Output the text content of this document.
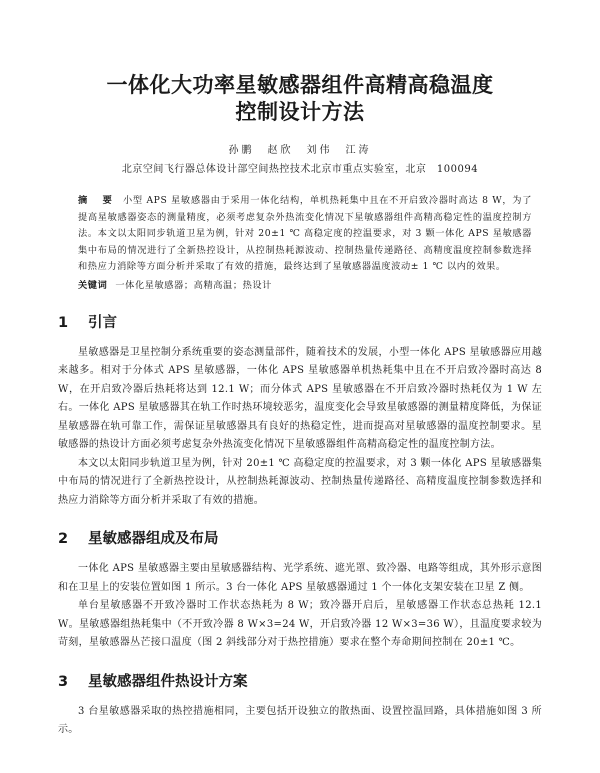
一体化大功率星敏感器组件高精高稳温度
控制设计方法
孙鹏　赵欣　刘伟　江涛
北京空间飞行器总体设计部空间热控技术北京市重点实验室，北京　100094
摘　要 小型 APS 星敏感器由于采用一体化结构，单机热耗集中且在不开启致冷器时高达 8 W，为了提高星敏感器姿态的测量精度，必须考虑复杂外热流变化情况下星敏感器组件高精高稳定性的温度控制方法。本文以太阳同步轨道卫星为例，针对 20±1 ℃ 高稳定度的控温要求，对 3 颗一体化 APS 星敏感器集中布局的情况进行了全新热控设计，从控制热耗源波动、控制热量传递路径、高精度温度控制参数选择和热应力消除等方面分析并采取了有效的措施，最终达到了星敏感器温度波动± 1 ℃ 以内的效果。
关键词 一体化星敏感器；高精高温；热设计
1 引言

星敏感器是卫星控制分系统重要的姿态测量部件，随着技术的发展，小型一体化 APS 星敏感器应用越来越多。相对于分体式 APS 星敏感器，一体化 APS 星敏感器单机热耗集中且在不开启致冷器时高达 8 W，在开启致冷器后热耗将达到 12.1 W；而分体式 APS 星敏感器在不开启致冷器时热耗仅为 1 W 左右。一体化 APS 星敏感器其在轨工作时热环境较恶劣，温度变化会导致星敏感器的测量精度降低，为保证星敏感器在轨可靠工作，需保证星敏感器具有良好的热稳定性，进而提高对星敏感器的温度控制要求。星敏感器的热设计方面必须考虑复杂外热流变化情况下星敏感器组件高精高稳定性的温度控制方法。

本文以太阳同步轨道卫星为例，针对 20±1 ℃ 高稳定度的控温要求，对 3 颗一体化 APS 星敏感器集中布局的情况进行了全新热控设计，从控制热耗源波动、控制热量传递路径、高精度温度控制参数选择和热应力消除等方面分析并采取了有效的措施。

2 星敏感器组成及布局

一体化 APS 星敏感器主要由星敏感器结构、光学系统、遮光罩、致冷器、电路等组成，其外形示意图和在卫星上的安装位置如图 1 所示。3 台一体化 APS 星敏感器通过 1 个一体化支架安装在卫星 Z 侧。

单台星敏感器不开致冷器时工作状态热耗为 8 W；致冷器开启后，星敏感器工作状态总热耗 12.1 W。星敏感器组热耗集中（不开致冷器 8 W×3=24 W，开启致冷器 12 W×3=36 W），且温度要求较为苛刻，星敏感器丛芒接口温度（图 2 斜线部分对于热控措施）要求在整个寿命期间控制在 20±1 ℃。

3 星敏感器组件热设计方案

3 台星敏感器采取的热控措施相同，主要包括开设独立的散热面、设置控温回路，具体措施如图 3 所示。
